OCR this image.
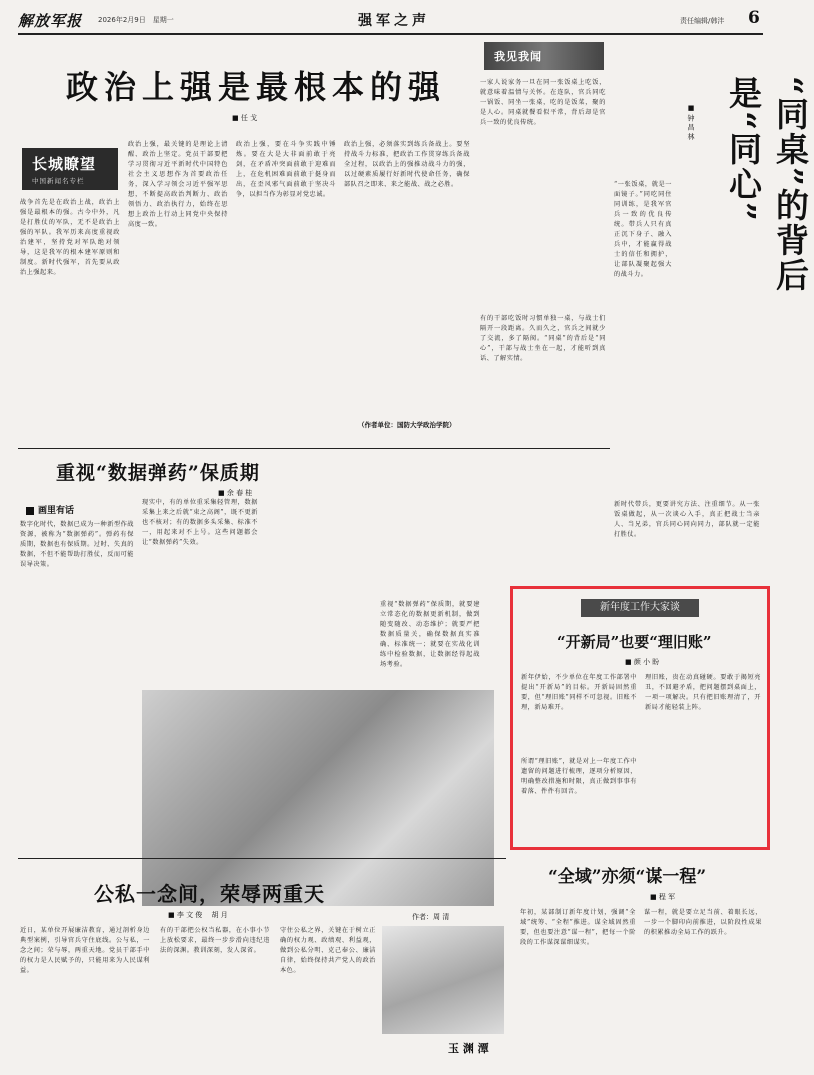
解放军报 2026年2月9日　星期一	强军之声	责任编辑/韩沣 6
政治上强是最根本的强
■ 任 戈
长城瞭望
中国新闻名专栏
战争首先是在政治上战，政治上强是最根本的强。古今中外，凡是打胜仗的军队，无不是政治上强的军队。我军历来高度重视政治建军，坚持党对军队绝对领导，这是我军的根本建军原则和制度。新时代强军，首先要从政治上强起来。
政治上强，最关键的是理论上清醒、政治上坚定。党员干部要把学习贯彻习近平新时代中国特色社会主义思想作为首要政治任务，深入学习领会习近平强军思想，不断提高政治判断力、政治领悟力、政治执行力，始终在思想上政治上行动上同党中央保持高度一致。
政治上强，要在斗争实践中锤炼。要在大是大非面前敢于亮剑，在矛盾冲突面前敢于迎难而上，在危机困难面前敢于挺身而出，在歪风邪气面前敢于坚决斗争，以担当作为彰显对党忠诚。
政治上强，必须落实到练兵备战上。要坚持战斗力标准，把政治工作贯穿练兵备战全过程，以政治上的强推动战斗力的强，以过硬素质履行好新时代使命任务，确保部队召之即来、来之能战、战之必胜。
（作者单位：国防大学政治学院）
我见我闻
一家人说家务一旦在同一张饭桌上吃饭，就意味着温情与关怀。在连队，官兵同吃一锅饭、同坐一张桌，吃的是饭菜，聚的是人心。同桌就餐看似平常，背后却是官兵一致的优良传统。
有的干部吃饭时习惯单独一桌，与战士们隔开一段距离。久而久之，官兵之间就少了交流，多了隔阂。“同桌”的背后是“同心”，干部与战士坐在一起，才能听到真话、了解实情。
“一张饭桌，就是一面镜子。”同吃同住同训练，是我军官兵一致的优良传统。带兵人只有真正沉下身子、融入兵中，才能赢得战士的信任和拥护，让部队凝聚起强大的战斗力。
新时代带兵，更要讲究方法、注重细节。从一张饭桌做起，从一次谈心入手，真正把战士当亲人、当兄弟，官兵同心同向同力，部队就一定能打胜仗。
“同桌”的背后是“同心”
■ 钟 昌 林
重视“数据弹药”保质期
■ 余 春 桂
画里有话
数字化时代，数据已成为一种新型作战资源，被称为“数据弹药”。弹药有保质期，数据也有保质期。过时、失真的数据，不但不能帮助打胜仗，反而可能误导决策。
现实中，有的单位重采集轻管理，数据采集上来之后就“束之高阁”，既不更新也不核对；有的数据多头采集、标准不一，用起来对不上号。这些问题都会让“数据弹药”失效。
作者：周 清
重视“数据弹药”保质期，就要建立常态化的数据更新机制，做到随变随改、动态维护；就要严把数据质量关，确保数据真实准确、标准统一；就要在实战化训练中检验数据，让数据经得起战场考验。
新年度工作大家谈
“开新局”也要“理旧账”
■ 颜 小 盼
新年伊始，不少单位在年度工作部署中提出“开新局”的目标。开新局固然重要，但“理旧账”同样不可忽视。旧账不理，新局难开。
所谓“理旧账”，就是对上一年度工作中遗留的问题进行梳理，逐项分析原因，明确整改措施和时限，真正做到事事有着落、件件有回音。
理旧账，贵在动真碰硬。要敢于揭短亮丑，不回避矛盾，把问题摆到桌面上，一项一项解决。只有把旧账理清了，开新局才能轻装上阵。
公私一念间，荣辱两重天
■ 李 文 俊 　胡 月
近日，某单位开展廉洁教育，通过剖析身边典型案例，引导官兵守住底线。公与私，一念之间；荣与辱，两重天地。党员干部手中的权力是人民赋予的，只能用来为人民谋利益。
有的干部把公权当私器，在小事小节上放松要求，最终一步步滑向违纪违法的深渊。教训深刻，发人深省。
守住公私之界，关键在于树立正确的权力观、政绩观、利益观，做到公私分明、克己奉公、廉洁自律，始终保持共产党人的政治本色。
玉 渊 潭
“全域”亦须“谋一程”
■ 程 军
年初，某部制订新年度计划，强调“全域”统筹、“全程”推进。谋全域固然重要，但也要注意“谋一程”，把每一个阶段的工作谋深谋细谋实。
谋一程，就是要立足当前、着眼长远，一步一个脚印向前推进，以阶段性成果的积累推动全局工作的跃升。
